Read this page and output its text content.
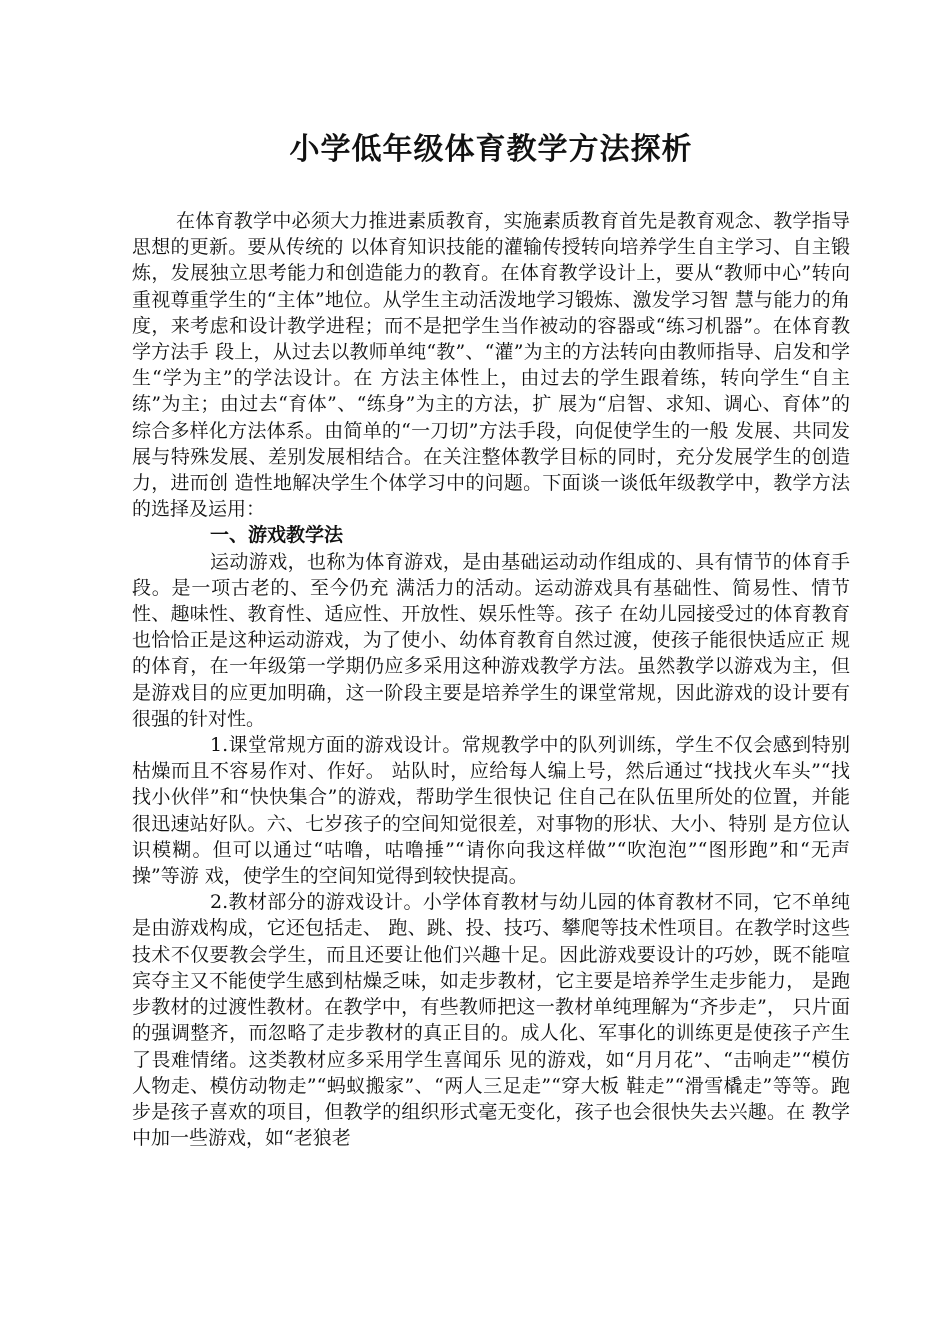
小学低年级体育教学方法探析

在体育教学中必须大力推进素质教育，实施素质教育首先是教育观念、教学指导思想的更新。要从传统的 以体育知识技能的灌输传授转向培养学生自主学习、自主锻炼，发展独立思考能力和创造能力的教育。在体育教学设计上，要从“教师中心”转向重视尊重学生的“主体”地位。从学生主动活泼地学习锻炼、激发学习智 慧与能力的角度，来考虑和设计教学进程；而不是把学生当作被动的容器或“练习机器”。在体育教学方法手 段上，从过去以教师单纯“教”、“灌”为主的方法转向由教师指导、启发和学生“学为主”的学法设计。在 方法主体性上，由过去的学生跟着练，转向学生“自主练”为主；由过去“育体”、“练身”为主的方法，扩 展为“启智、求知、调心、育体”的综合多样化方法体系。由简单的“一刀切”方法手段，向促使学生的一般 发展、共同发展与特殊发展、差别发展相结合。在关注整体教学目标的同时，充分发展学生的创造力，进而创 造性地解决学生个体学习中的问题。下面谈一谈低年级教学中，教学方法的选择及运用：

一、游戏教学法

运动游戏，也称为体育游戏，是由基础运动动作组成的、具有情节的体育手段。是一项古老的、至今仍充 满活力的活动。运动游戏具有基础性、简易性、情节性、趣味性、教育性、适应性、开放性、娱乐性等。孩子 在幼儿园接受过的体育教育也恰恰正是这种运动游戏，为了使小、幼体育教育自然过渡，使孩子能很快适应正 规的体育，在一年级第一学期仍应多采用这种游戏教学方法。虽然教学以游戏为主，但是游戏目的应更加明确，这一阶段主要是培养学生的课堂常规，因此游戏的设计要有很强的针对性。

1.课堂常规方面的游戏设计。常规教学中的队列训练，学生不仅会感到特别枯燥而且不容易作对、作好。 站队时，应给每人编上号，然后通过“找找火车头”“找找小伙伴”和“快快集合”的游戏，帮助学生很快记 住自己在队伍里所处的位置，并能很迅速站好队。六、七岁孩子的空间知觉很差，对事物的形状、大小、特别 是方位认识模糊。但可以通过“咕噜，咕噜捶”“请你向我这样做”“吹泡泡”“图形跑”和“无声操”等游 戏，使学生的空间知觉得到较快提高。

2.教材部分的游戏设计。小学体育教材与幼儿园的体育教材不同，它不单纯是由游戏构成，它还包括走、 跑、跳、投、技巧、攀爬等技术性项目。在教学时这些技术不仅要教会学生，而且还要让他们兴趣十足。因此游戏要设计的巧妙，既不能喧宾夺主又不能使学生感到枯燥乏味，如走步教材，它主要是培养学生走步能力， 是跑步教材的过渡性教材。在教学中，有些教师把这一教材单纯理解为“齐步走”， 只片面的强调整齐，而忽略了走步教材的真正目的。成人化、军事化的训练更是使孩子产生了畏难情绪。这类教材应多采用学生喜闻乐 见的游戏，如“月月花”、“击响走”“模仿人物走、模仿动物走”“蚂蚁搬家”、“两人三足走”“穿大板 鞋走”“滑雪橇走”等等。跑步是孩子喜欢的项目，但教学的组织形式毫无变化，孩子也会很快失去兴趣。在 教学中加一些游戏，如“老狼老
